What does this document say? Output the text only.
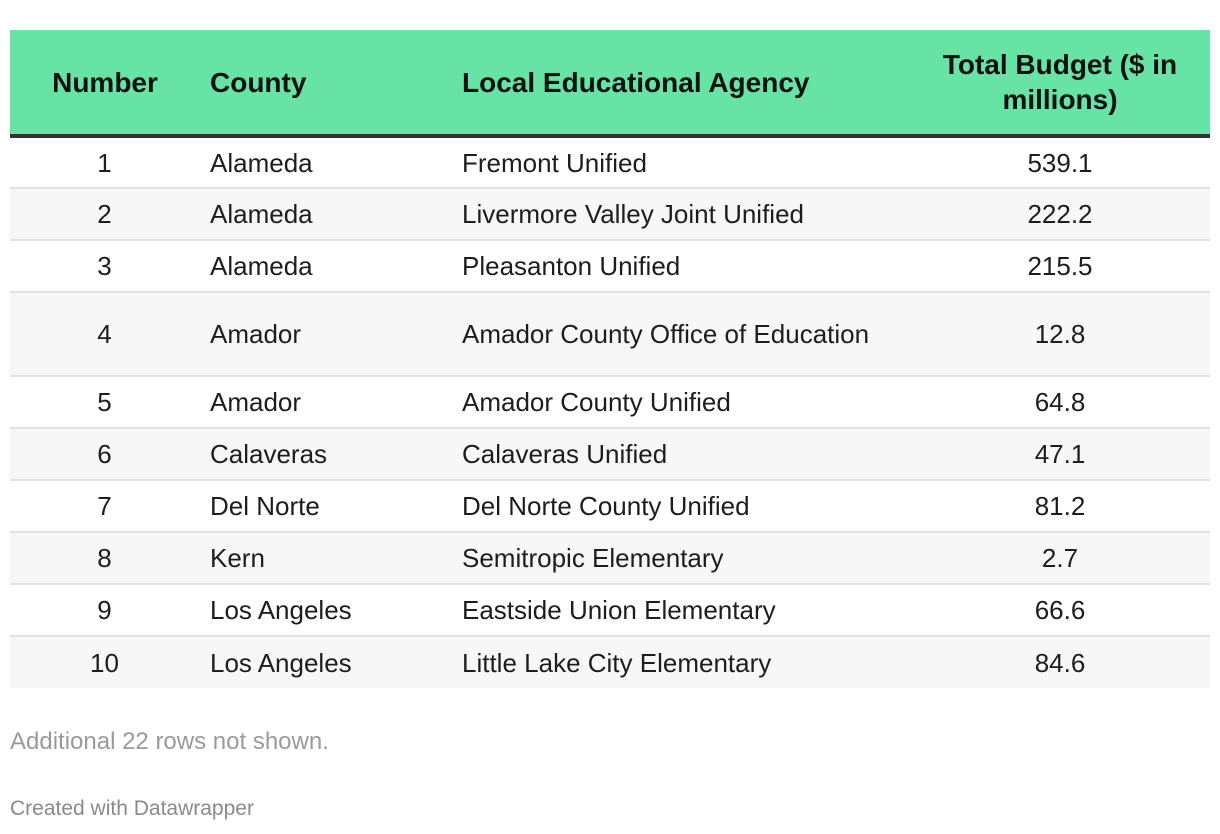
Number	County	Local Educational Agency	Total Budget ($ in millions)
1	Alameda	Fremont Unified	539.1
2	Alameda	Livermore Valley Joint Unified	222.2
3	Alameda	Pleasanton Unified	215.5
4	Amador	Amador County Office of Education	12.8
5	Amador	Amador County Unified	64.8
6	Calaveras	Calaveras Unified	47.1
7	Del Norte	Del Norte County Unified	81.2
8	Kern	Semitropic Elementary	2.7
9	Los Angeles	Eastside Union Elementary	66.6
10	Los Angeles	Little Lake City Elementary	84.6
Additional 22 rows not shown.
Created with Datawrapper
